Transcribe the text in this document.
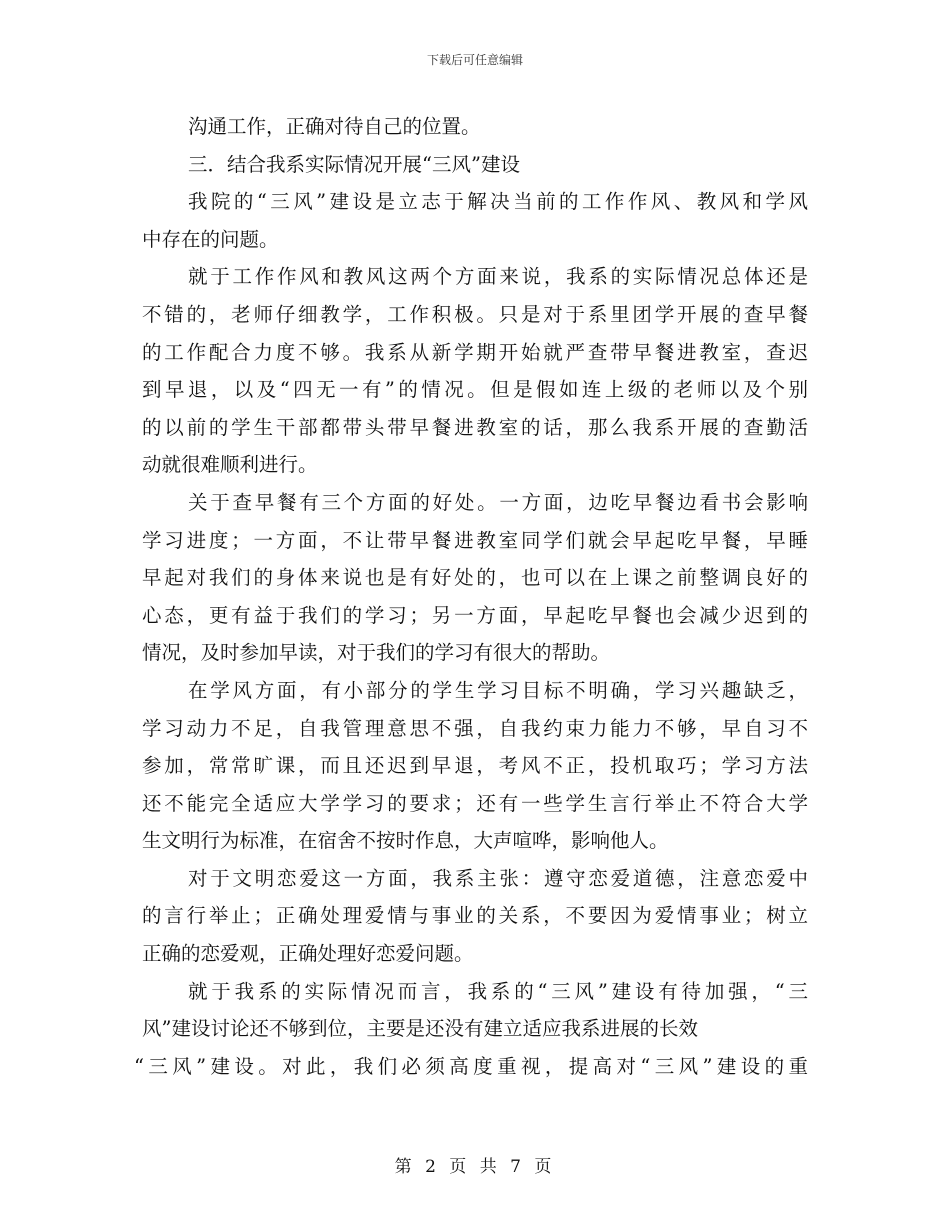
下载后可任意编辑
沟通工作，正确对待自己的位置。
三．结合我系实际情况开展“三风”建设
我院的“三风”建设是立志于解决当前的工作作风、教风和学风
中存在的问题。
就于工作作风和教风这两个方面来说，我系的实际情况总体还是
不错的，老师仔细教学，工作积极。只是对于系里团学开展的查早餐
的工作配合力度不够。我系从新学期开始就严查带早餐进教室，查迟
到早退，以及“四无一有”的情况。但是假如连上级的老师以及个别
的以前的学生干部都带头带早餐进教室的话，那么我系开展的查勤活
动就很难顺利进行。
关于查早餐有三个方面的好处。一方面，边吃早餐边看书会影响
学习进度；一方面，不让带早餐进教室同学们就会早起吃早餐，早睡
早起对我们的身体来说也是有好处的，也可以在上课之前整调良好的
心态，更有益于我们的学习；另一方面，早起吃早餐也会减少迟到的
情况，及时参加早读，对于我们的学习有很大的帮助。
在学风方面，有小部分的学生学习目标不明确，学习兴趣缺乏，
学习动力不足，自我管理意思不强，自我约束力能力不够，早自习不
参加，常常旷课，而且还迟到早退，考风不正，投机取巧；学习方法
还不能完全适应大学学习的要求；还有一些学生言行举止不符合大学
生文明行为标准，在宿舍不按时作息，大声喧哗，影响他人。
对于文明恋爱这一方面，我系主张：遵守恋爱道德，注意恋爱中
的言行举止；正确处理爱情与事业的关系，不要因为爱情事业；树立
正确的恋爱观，正确处理好恋爱问题。
就于我系的实际情况而言，我系的“三风”建设有待加强，“三
风”建设讨论还不够到位，主要是还没有建立适应我系进展的长效
“三风”建设。对此，我们必须高度重视，提高对“三风”建设的重
第 2 页 共 7 页
